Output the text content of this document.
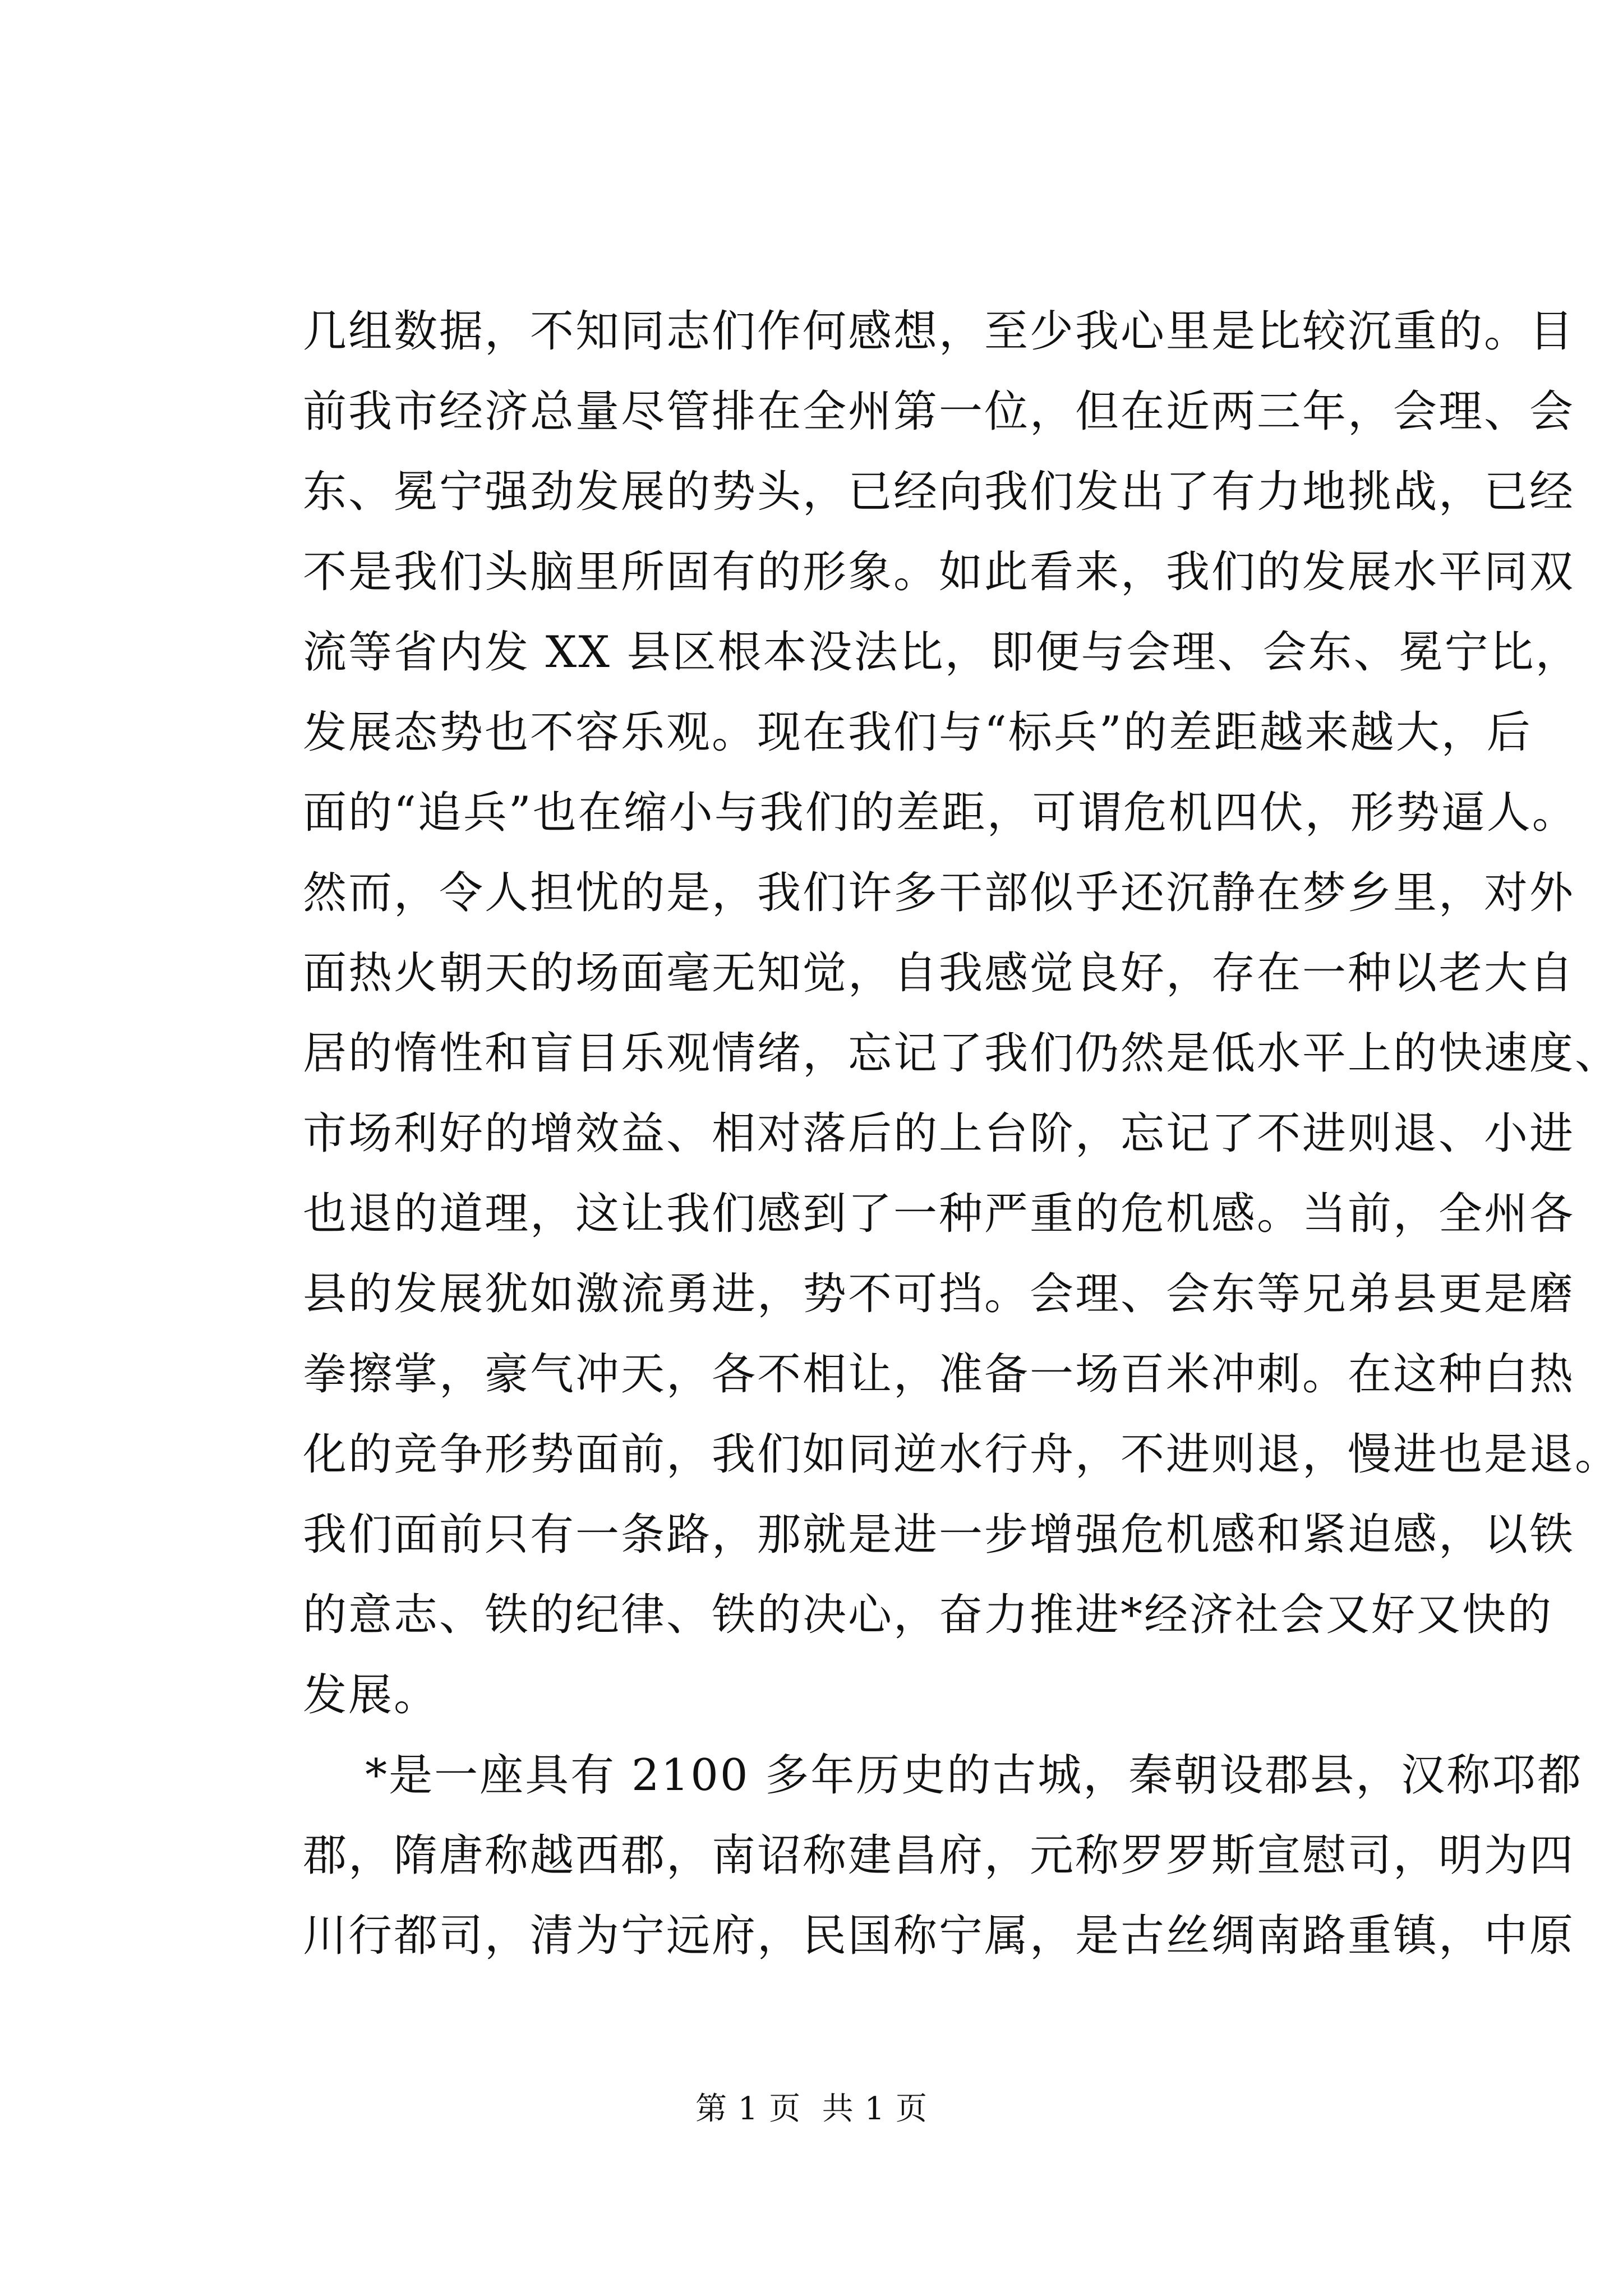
几组数据，不知同志们作何感想，至少我心里是比较沉重的。目
前我市经济总量尽管排在全州第一位，但在近两三年，会理、会
东、冕宁强劲发展的势头，已经向我们发出了有力地挑战，已经
不是我们头脑里所固有的形象。如此看来，我们的发展水平同双
流等省内发 XX 县区根本没法比，即便与会理、会东、冕宁比，
发展态势也不容乐观。现在我们与“标兵”的差距越来越大，后
面的“追兵”也在缩小与我们的差距，可谓危机四伏，形势逼人。
然而，令人担忧的是，我们许多干部似乎还沉静在梦乡里，对外
面热火朝天的场面毫无知觉，自我感觉良好，存在一种以老大自
居的惰性和盲目乐观情绪，忘记了我们仍然是低水平上的快速度、
市场利好的增效益、相对落后的上台阶，忘记了不进则退、小进
也退的道理，这让我们感到了一种严重的危机感。当前，全州各
县的发展犹如激流勇进，势不可挡。会理、会东等兄弟县更是磨
拳擦掌，豪气冲天，各不相让，准备一场百米冲刺。在这种白热
化的竞争形势面前，我们如同逆水行舟，不进则退，慢进也是退。
我们面前只有一条路，那就是进一步增强危机感和紧迫感，以铁
的意志、铁的纪律、铁的决心，奋力推进*经济社会又好又快的
发展。
*是一座具有 2100 多年历史的古城，秦朝设郡县，汉称邛都
郡，隋唐称越西郡，南诏称建昌府，元称罗罗斯宣慰司，明为四
川行都司，清为宁远府，民国称宁属，是古丝绸南路重镇，中原
第 1 页  共 1 页
